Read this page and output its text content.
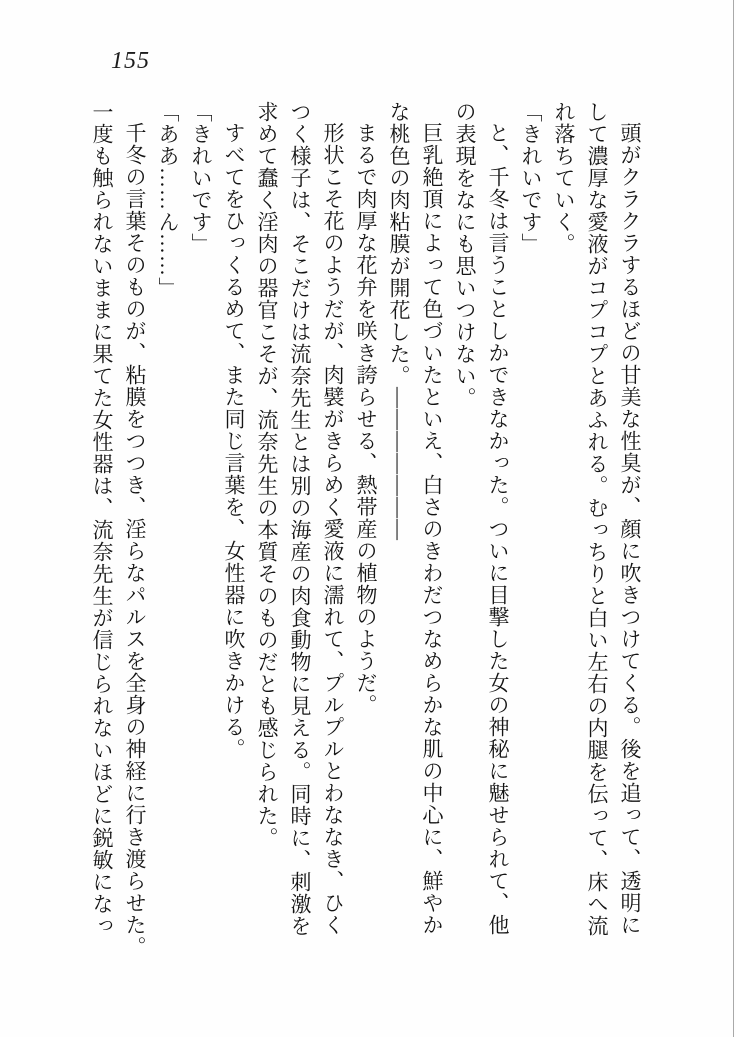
155
頭がクラクラするほどの甘美な性臭が、顔に吹きつけてくる。後を追って、透明に
して濃厚な愛液がコプコプとあふれる。むっちりと白い左右の内腿を伝って、床へ流
れ落ちていく。
「きれいです」
と、千冬は言うことしかできなかった。ついに目撃した女の神秘に魅せられて、他
の表現をなにも思いつけない。
巨乳絶頂によって色づいたといえ、白さのきわだつなめらかな肌の中心に、鮮やか
な桃色の肉粘膜が開花した。―――――――
まるで肉厚な花弁を咲き誇らせる、熱帯産の植物のようだ。
形状こそ花のようだが、肉襞がきらめく愛液に濡れて、プルプルとわななき、ひく
つく様子は、そこだけは流奈先生とは別の海産の肉食動物に見える。同時に、刺激を
求めて蠢く淫肉の器官こそが、流奈先生の本質そのものだとも感じられた。
すべてをひっくるめて、また同じ言葉を、女性器に吹きかける。
「きれいです」
「ああ……ん……」
千冬の言葉そのものが、粘膜をつつき、淫らなパルスを全身の神経に行き渡らせた。
一度も触られないままに果てた女性器は、流奈先生が信じられないほどに鋭敏になっ
